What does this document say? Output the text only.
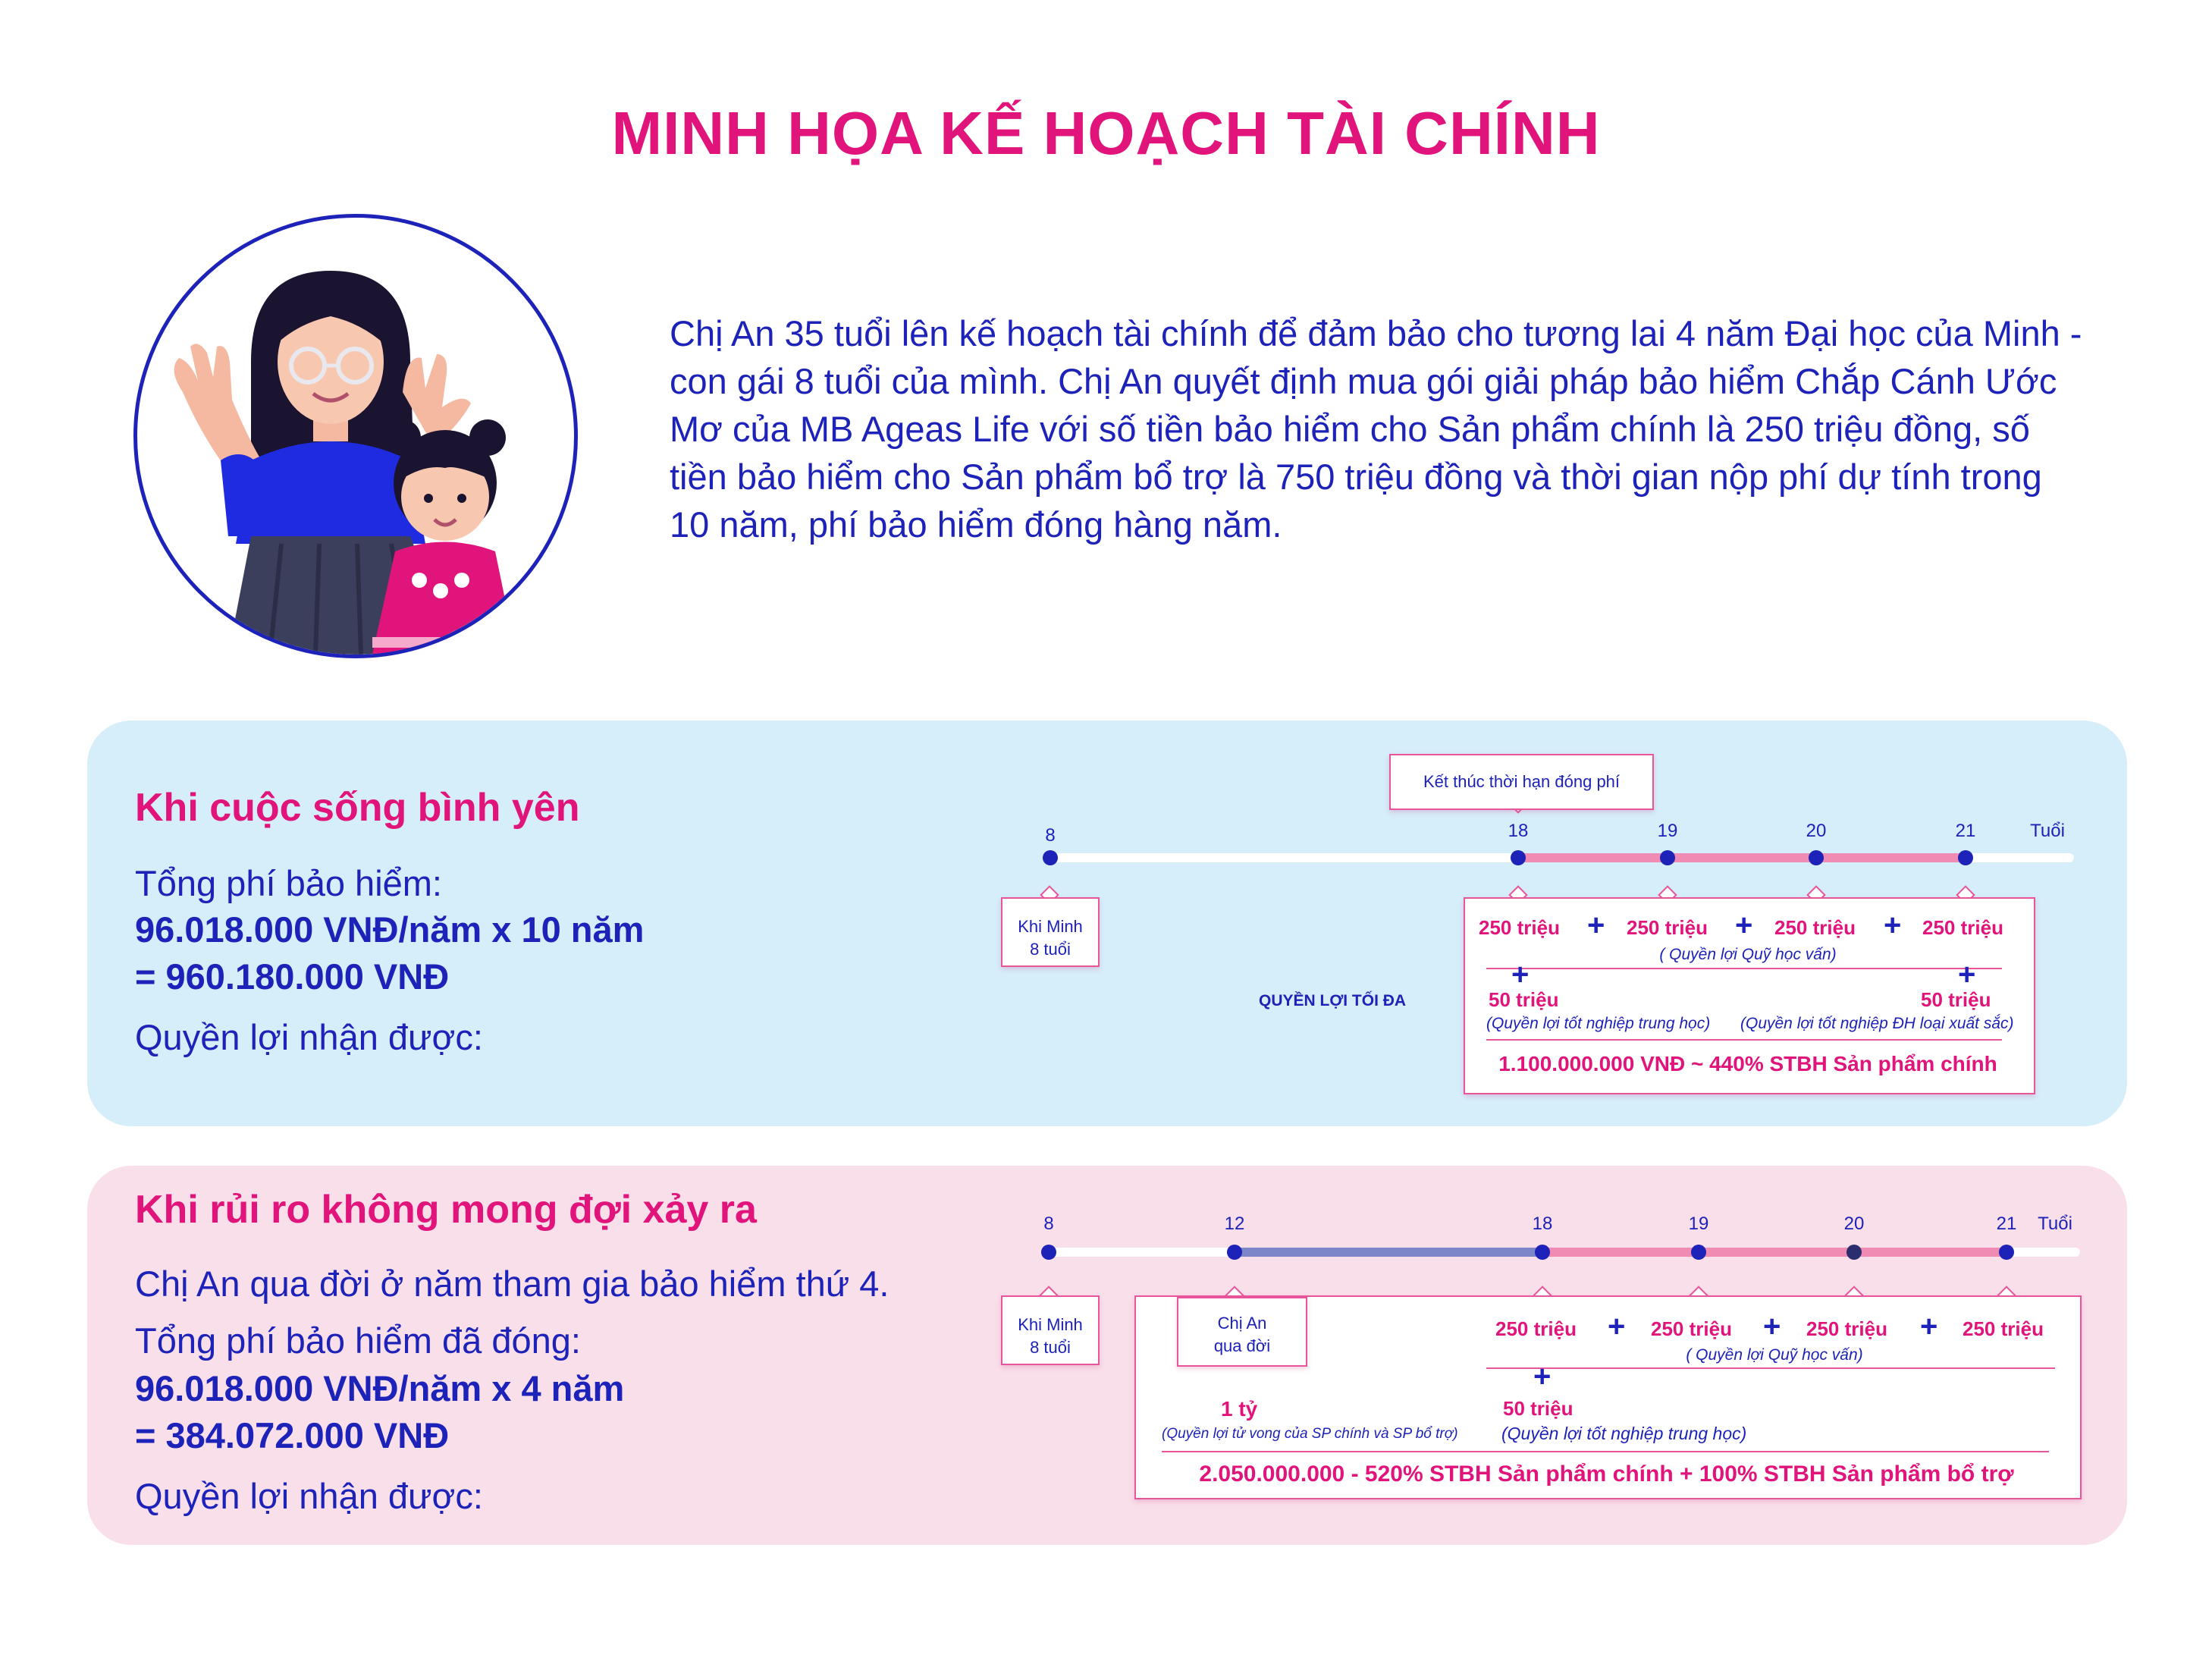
MINH HỌA KẾ HOẠCH TÀI CHÍNH
Chị An 35 tuổi lên kế hoạch tài chính để đảm bảo cho tương lai 4 năm Đại học của Minh - con gái 8 tuổi của mình. Chị An quyết định mua gói giải pháp bảo hiểm Chắp Cánh Ước Mơ của MB Ageas Life với số tiền bảo hiểm cho Sản phẩm chính là 250 triệu đồng, số tiền bảo hiểm cho Sản phẩm bổ trợ là 750 triệu đồng và thời gian nộp phí dự tính trong 10 năm, phí bảo hiểm đóng hàng năm.
Khi cuộc sống bình yên
Tổng phí bảo hiểm:
96.018.000 VNĐ/năm x 10 năm
= 960.180.000 VNĐ
Quyền lợi nhận được:
8	18	19	20	21	Tuổi
Kết thúc thời hạn đóng phí
Khi Minh
8 tuổi
QUYỀN LỢI TỐI ĐA
250 triệu + 250 triệu + 250 triệu + 250 triệu
( Quyền lợi Quỹ học vấn)
+	+
50 triệu	50 triệu
(Quyền lợi tốt nghiệp trung học) (Quyền lợi tốt nghiệp ĐH loại xuất sắc)
1.100.000.000 VNĐ ~ 440% STBH Sản phẩm chính
Khi rủi ro không mong đợi xảy ra
Chị An qua đời ở năm tham gia bảo hiểm thứ 4.
Tổng phí bảo hiểm đã đóng:
96.018.000 VNĐ/năm x 4 năm
= 384.072.000 VNĐ
Quyền lợi nhận được:
8	12	18	19	20	21 Tuổi
Khi Minh
8 tuổi
Chị An
qua đời
250 triệu + 250 triệu + 250 triệu + 250 triệu
( Quyền lợi Quỹ học vấn)
+
1 tỷ
(Quyền lợi tử vong của SP chính và SP bổ trợ)
50 triệu
(Quyền lợi tốt nghiệp trung học)
2.050.000.000 - 520% STBH Sản phẩm chính + 100% STBH Sản phẩm bổ trợ
